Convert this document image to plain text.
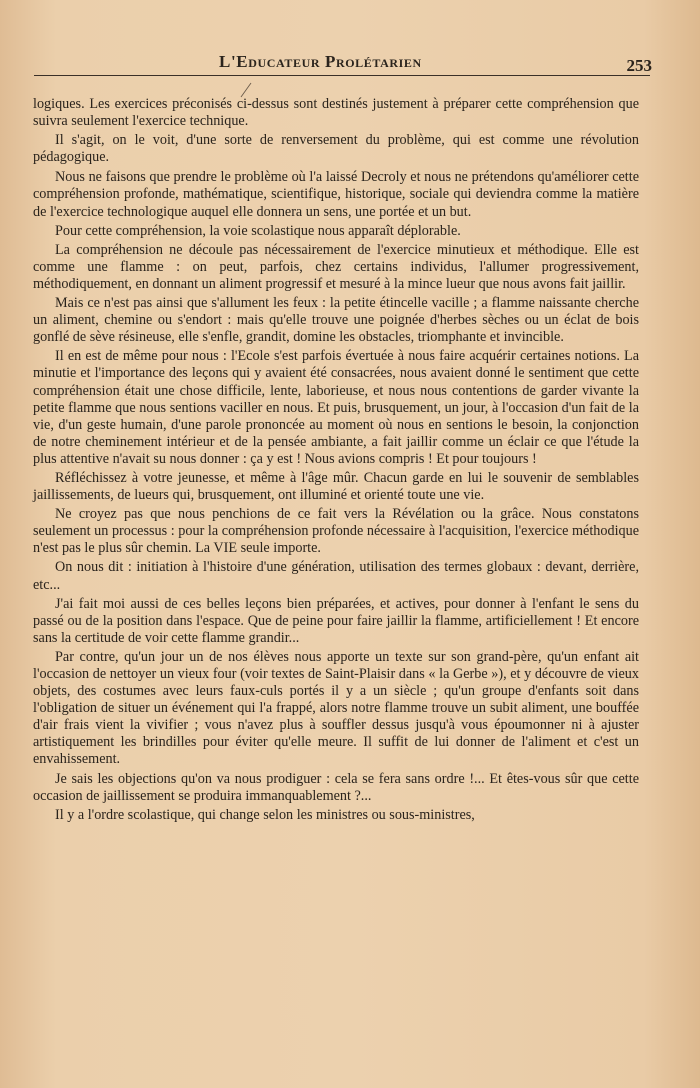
L'Educateur Prolétarien	253

logiques. Les exercices préconisés ci-dessus sont destinés justement à préparer cette compréhension que suivra seulement l'exercice technique.

Il s'agit, on le voit, d'une sorte de renversement du problème, qui est comme une révolution pédagogique.

Nous ne faisons que prendre le problème où l'a laissé Decroly et nous ne prétendons qu'améliorer cette compréhension profonde, mathématique, scientifique, historique, sociale qui deviendra comme la matière de l'exercice technologique auquel elle donnera un sens, une portée et un but.

Pour cette compréhension, la voie scolastique nous apparaît déplorable.

La compréhension ne découle pas nécessairement de l'exercice minutieux et méthodique. Elle est comme une flamme : on peut, parfois, chez certains individus, l'allumer progressivement, méthodiquement, en donnant un aliment progressif et mesuré à la mince lueur que nous avons fait jaillir.

Mais ce n'est pas ainsi que s'allument les feux : la petite étincelle vacille ; a flamme naissante cherche un aliment, chemine ou s'endort : mais qu'elle trouve une poignée d'herbes sèches ou un éclat de bois gonflé de sève résineuse, elle s'enfle, grandit, domine les obstacles, triomphante et invincible.

Il en est de même pour nous : l'Ecole s'est parfois évertuée à nous faire acquérir certaines notions. La minutie et l'importance des leçons qui y avaient été consacrées, nous avaient donné le sentiment que cette compréhension était une chose difficile, lente, laborieuse, et nous nous contentions de garder vivante la petite flamme que nous sentions vaciller en nous. Et puis, brusquement, un jour, à l'occasion d'un fait de la vie, d'un geste humain, d'une parole prononcée au moment où nous en sentions le besoin, la conjonction de notre cheminement intérieur et de la pensée ambiante, a fait jaillir comme un éclair ce que l'étude la plus attentive n'avait su nous donner : ça y est ! Nous avions compris ! Et pour toujours !

Réfléchissez à votre jeunesse, et même à l'âge mûr. Chacun garde en lui le souvenir de semblables jaillissements, de lueurs qui, brusquement, ont illuminé et orienté toute une vie.

Ne croyez pas que nous penchions de ce fait vers la Révélation ou la grâce. Nous constatons seulement un processus : pour la compréhension profonde nécessaire à l'acquisition, l'exercice méthodique n'est pas le plus sûr chemin. La VIE seule importe.

On nous dit : initiation à l'histoire d'une génération, utilisation des termes globaux : devant, derrière, etc...

J'ai fait moi aussi de ces belles leçons bien préparées, et actives, pour donner à l'enfant le sens du passé ou de la position dans l'espace. Que de peine pour faire jaillir la flamme, artificiellement ! Et encore sans la certitude de voir cette flamme grandir...

Par contre, qu'un jour un de nos élèves nous apporte un texte sur son grand-père, qu'un enfant ait l'occasion de nettoyer un vieux four (voir textes de Saint-Plaisir dans « la Gerbe »), et y découvre de vieux objets, des costumes avec leurs faux-culs portés il y a un siècle ; qu'un groupe d'enfants soit dans l'obligation de situer un événement qui l'a frappé, alors notre flamme trouve un subit aliment, une bouffée d'air frais vient la vivifier ; vous n'avez plus à souffler dessus jusqu'à vous époumonner ni à ajuster artistiquement les brindilles pour éviter qu'elle meure. Il suffit de lui donner de l'aliment et c'est un envahissement.

Je sais les objections qu'on va nous prodiguer : cela se fera sans ordre !... Et êtes-vous sûr que cette occasion de jaillissement se produira immanquablement ?...

Il y a l'ordre scolastique, qui change selon les ministres ou sous-ministres,
